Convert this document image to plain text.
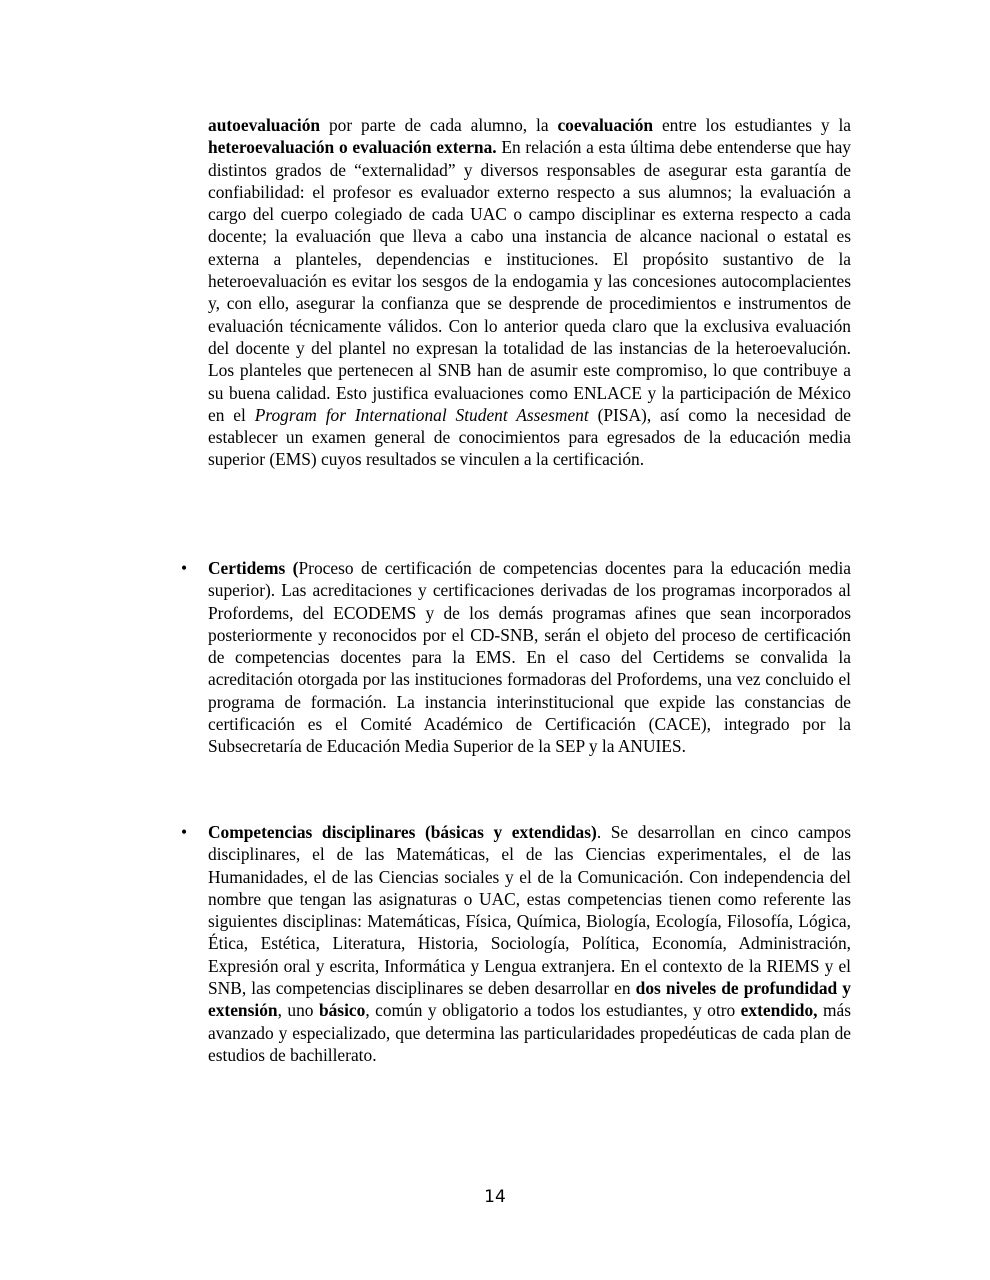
autoevaluación por parte de cada alumno, la coevaluación entre los estudiantes y la heteroevaluación o evaluación externa. En relación a esta última debe entenderse que hay distintos grados de “externalidad” y diversos responsables de asegurar esta garantía de confiabilidad: el profesor es evaluador externo respecto a sus alumnos; la evaluación a cargo del cuerpo colegiado de cada UAC o campo disciplinar es externa respecto a cada docente; la evaluación que lleva a cabo una instancia de alcance nacional o estatal es externa a planteles, dependencias e instituciones. El propósito sustantivo de la heteroevaluación es evitar los sesgos de la endogamia y las concesiones autocomplacientes y, con ello, asegurar la confianza que se desprende de procedimientos e instrumentos de evaluación técnicamente válidos. Con lo anterior queda claro que la exclusiva evaluación del docente y del plantel no expresan la totalidad de las instancias de la heteroevalución. Los planteles que pertenecen al SNB han de asumir este compromiso, lo que contribuye a su buena calidad. Esto justifica evaluaciones como ENLACE y la participación de México en el Program for International Student Assesment (PISA), así como la necesidad de establecer un examen general de conocimientos para egresados de la educación media superior (EMS) cuyos resultados se vinculen a la certificación.

• Certidems (Proceso de certificación de competencias docentes para la educación media superior). Las acreditaciones y certificaciones derivadas de los programas incorporados al Profordems, del ECODEMS y de los demás programas afines que sean incorporados posteriormente y reconocidos por el CD-SNB, serán el objeto del proceso de certificación de competencias docentes para la EMS. En el caso del Certidems se convalida la acreditación otorgada por las instituciones formadoras del Profordems, una vez concluido el programa de formación. La instancia interinstitucional que expide las constancias de certificación es el Comité Académico de Certificación (CACE), integrado por la Subsecretaría de Educación Media Superior de la SEP y la ANUIES.

• Competencias disciplinares (básicas y extendidas). Se desarrollan en cinco campos disciplinares, el de las Matemáticas, el de las Ciencias experimentales, el de las Humanidades, el de las Ciencias sociales y el de la Comunicación. Con independencia del nombre que tengan las asignaturas o UAC, estas competencias tienen como referente las siguientes disciplinas: Matemáticas, Física, Química, Biología, Ecología, Filosofía, Lógica, Ética, Estética, Literatura, Historia, Sociología, Política, Economía, Administración, Expresión oral y escrita, Informática y Lengua extranjera. En el contexto de la RIEMS y el SNB, las competencias disciplinares se deben desarrollar en dos niveles de profundidad y extensión, uno básico, común y obligatorio a todos los estudiantes, y otro extendido, más avanzado y especializado, que determina las particularidades propedéuticas de cada plan de estudios de bachillerato.

14
